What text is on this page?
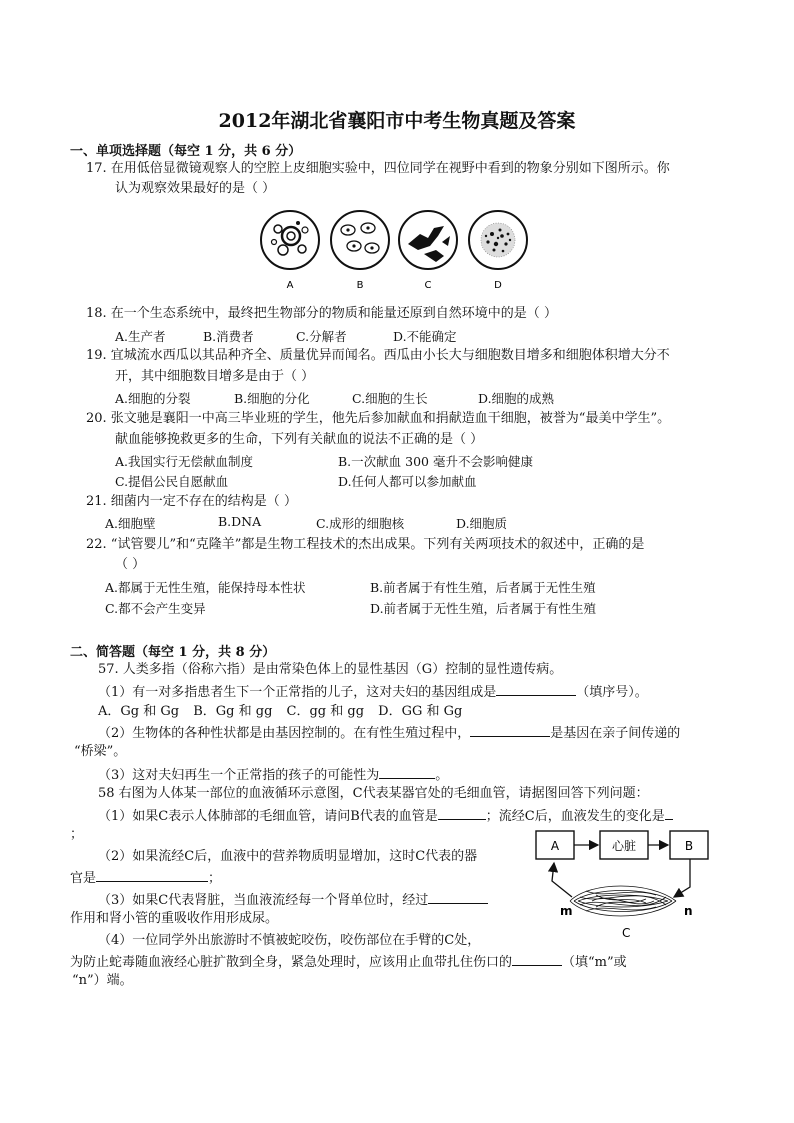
2012年湖北省襄阳市中考生物真题及答案
一、单项选择题（每空 1 分，共 6 分）
17. 在用低倍显微镜观察人的空腔上皮细胞实验中，四位同学在视野中看到的物象分别如下图所示。你
认为观察效果最好的是（ ）
A	B	C	D
18. 在一个生态系统中，最终把生物部分的物质和能量还原到自然环境中的是（ ）
A.生产者	B.消费者	C.分解者	D.不能确定
19. 宜城流水西瓜以其品种齐全、质量优异而闻名。西瓜由小长大与细胞数目增多和细胞体积增大分不
开，其中细胞数目增多是由于（ ）
A.细胞的分裂	B.细胞的分化	C.细胞的生长	D.细胞的成熟
20. 张文驰是襄阳一中高三毕业班的学生，他先后参加献血和捐献造血干细胞，被誉为“最美中学生”。
献血能够挽救更多的生命，下列有关献血的说法不正确的是（ ）
A.我国实行无偿献血制度	B.一次献血 300 毫升不会影响健康
C.提倡公民自愿献血	D.任何人都可以参加献血
21. 细菌内一定不存在的结构是（ ）
A.细胞壁	B.DNA	C.成形的细胞核	D.细胞质
22. “试管婴儿”和“克隆羊”都是生物工程技术的杰出成果。下列有关两项技术的叙述中，正确的是
（ ）
A.都属于无性生殖，能保持母本性状	B.前者属于有性生殖，后者属于无性生殖
C.都不会产生变异	D.前者属于无性生殖，后者属于有性生殖
二、简答题（每空 1 分，共 8 分）
57. 人类多指（俗称六指）是由常染色体上的显性基因（G）控制的显性遗传病。
（1）有一对多指患者生下一个正常指的儿子，这对夫妇的基因组成是	（填序号）。
A．Gg 和 Gg B．Gg 和 gg C．gg 和 gg D．GG 和 Gg
（2）生物体的各种性状都是由基因控制的。在有性生殖过程中，	是基因在亲子间传递的
“桥梁”。
（3）这对夫妇再生一个正常指的孩子的可能性为	。
58 右图为人体某一部位的血液循环示意图，C代表某器官处的毛细血管，请据图回答下列问题：
（1）如果C表示人体肺部的毛细血管，请问B代表的血管是	；流经C后，血液发生的变化是
；
（2）如果流经C后，血液中的营养物质明显增加，这时C代表的器
官是	；
（3）如果C代表肾脏，当血液流经每一个肾单位时，经过
作用和肾小管的重吸收作用形成尿。
（4）一位同学外出旅游时不慎被蛇咬伤，咬伤部位在手臂的C处，
为防止蛇毒随血液经心脏扩散到全身，紧急处理时，应该用止血带扎住伤口的	（填“m”或
“n”）端。
A	心脏	B
m	n
C
